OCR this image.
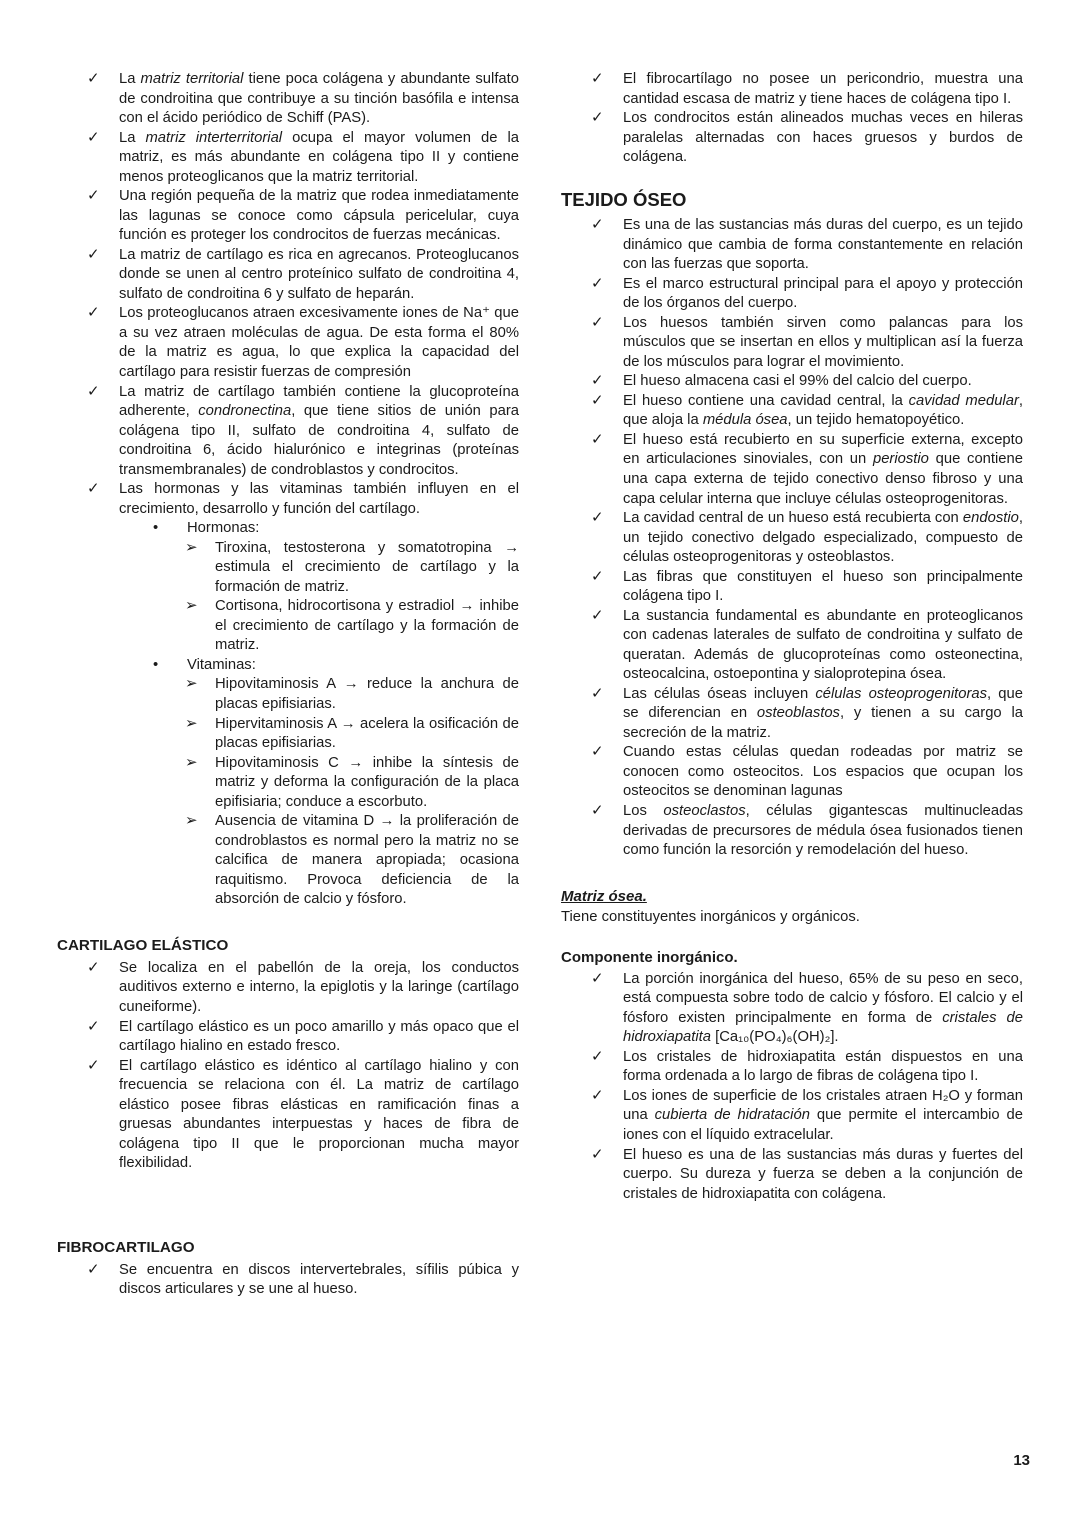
✓ La matriz territorial tiene poca colágena y abundante sulfato de condroitina que contribuye a su tinción basófila e intensa con el ácido periódico de Schiff (PAS).
✓ La matriz interterritorial ocupa el mayor volumen de la matriz, es más abundante en colágena tipo II y contiene menos proteoglicanos que la matriz territorial.
✓ Una región pequeña de la matriz que rodea inmediatamente las lagunas se conoce como cápsula pericelular, cuya función es proteger los condrocitos de fuerzas mecánicas.
✓ La matriz de cartílago es rica en agrecanos. Proteoglucanos donde se unen al centro proteínico sulfato de condroitina 4, sulfato de condroitina 6 y sulfato de heparán.
✓ Los proteoglucanos atraen excesivamente iones de Na⁺ que a su vez atraen moléculas de agua. De esta forma el 80% de la matriz es agua, lo que explica la capacidad del cartílago para resistir fuerzas de compresión
✓ La matriz de cartílago también contiene la glucoproteína adherente, condronectina, que tiene sitios de unión para colágena tipo II, sulfato de condroitina 4, sulfato de condroitina 6, ácido hialurónico e integrinas (proteínas transmembranales) de condroblastos y condrocitos.
✓ Las hormonas y las vitaminas también influyen en el crecimiento, desarrollo y función del cartílago.
• Hormonas:
➢ Tiroxina, testosterona y somatotropina → estimula el crecimiento de cartílago y la formación de matriz.
➢ Cortisona, hidrocortisona y estradiol → inhibe el crecimiento de cartílago y la formación de matriz.
• Vitaminas:
➢ Hipovitaminosis A → reduce la anchura de placas epifisiarias.
➢ Hipervitaminosis A → acelera la osificación de placas epifisiarias.
➢ Hipovitaminosis C → inhibe la síntesis de matriz y deforma la configuración de la placa epifisiaria; conduce a escorbuto.
➢ Ausencia de vitamina D → la proliferación de condroblastos es normal pero la matriz no se calcifica de manera apropiada; ocasiona raquitismo. Provoca deficiencia de la absorción de calcio y fósforo.
CARTILAGO ELÁSTICO
✓ Se localiza en el pabellón de la oreja, los conductos auditivos externo e interno, la epiglotis y la laringe (cartílago cuneiforme).
✓ El cartílago elástico es un poco amarillo y más opaco que el cartílago hialino en estado fresco.
✓ El cartílago elástico es idéntico al cartílago hialino y con frecuencia se relaciona con él. La matriz de cartílago elástico posee fibras elásticas en ramificación finas a gruesas abundantes interpuestas y haces de fibra de colágena tipo II que le proporcionan mucha mayor flexibilidad.
FIBROCARTILAGO
✓ Se encuentra en discos intervertebrales, sífilis púbica y discos articulares y se une al hueso.
✓ El fibrocartílago no posee un pericondrio, muestra una cantidad escasa de matriz y tiene haces de colágena tipo I.
✓ Los condrocitos están alineados muchas veces en hileras paralelas alternadas con haces gruesos y burdos de colágena.
TEJIDO ÓSEO
✓ Es una de las sustancias más duras del cuerpo, es un tejido dinámico que cambia de forma constantemente en relación con las fuerzas que soporta.
✓ Es el marco estructural principal para el apoyo y protección de los órganos del cuerpo.
✓ Los huesos también sirven como palancas para los músculos que se insertan en ellos y multiplican así la fuerza de los músculos para lograr el movimiento.
✓ El hueso almacena casi el 99% del calcio del cuerpo.
✓ El hueso contiene una cavidad central, la cavidad medular, que aloja la médula ósea, un tejido hematopoyético.
✓ El hueso está recubierto en su superficie externa, excepto en articulaciones sinoviales, con un periostio que contiene una capa externa de tejido conectivo denso fibroso y una capa celular interna que incluye células osteoprogenitoras.
✓ La cavidad central de un hueso está recubierta con endostio, un tejido conectivo delgado especializado, compuesto de células osteoprogenitoras y osteoblastos.
✓ Las fibras que constituyen el hueso son principalmente colágena tipo I.
✓ La sustancia fundamental es abundante en proteoglicanos con cadenas laterales de sulfato de condroitina y sulfato de queratan. Además de glucoproteínas como osteonectina, osteocalcina, ostoepontina y sialoprotepina ósea.
✓ Las células óseas incluyen células osteoprogenitoras, que se diferencian en osteoblastos, y tienen a su cargo la secreción de la matriz.
✓ Cuando estas células quedan rodeadas por matriz se conocen como osteocitos. Los espacios que ocupan los osteocitos se denominan lagunas
✓ Los osteoclastos, células gigantescas multinucleadas derivadas de precursores de médula ósea fusionados tienen como función la resorción y remodelación del hueso.
Matriz ósea.
Tiene constituyentes inorgánicos y orgánicos.
Componente inorgánico.
✓ La porción inorgánica del hueso, 65% de su peso en seco, está compuesta sobre todo de calcio y fósforo. El calcio y el fósforo existen principalmente en forma de cristales de hidroxiapatita [Ca₁₀(PO₄)₆(OH)₂].
✓ Los cristales de hidroxiapatita están dispuestos en una forma ordenada a lo largo de fibras de colágena tipo I.
✓ Los iones de superficie de los cristales atraen H₂O y forman una cubierta de hidratación que permite el intercambio de iones con el líquido extracelular.
✓ El hueso es una de las sustancias más duras y fuertes del cuerpo. Su dureza y fuerza se deben a la conjunción de cristales de hidroxiapatita con colágena.
13
